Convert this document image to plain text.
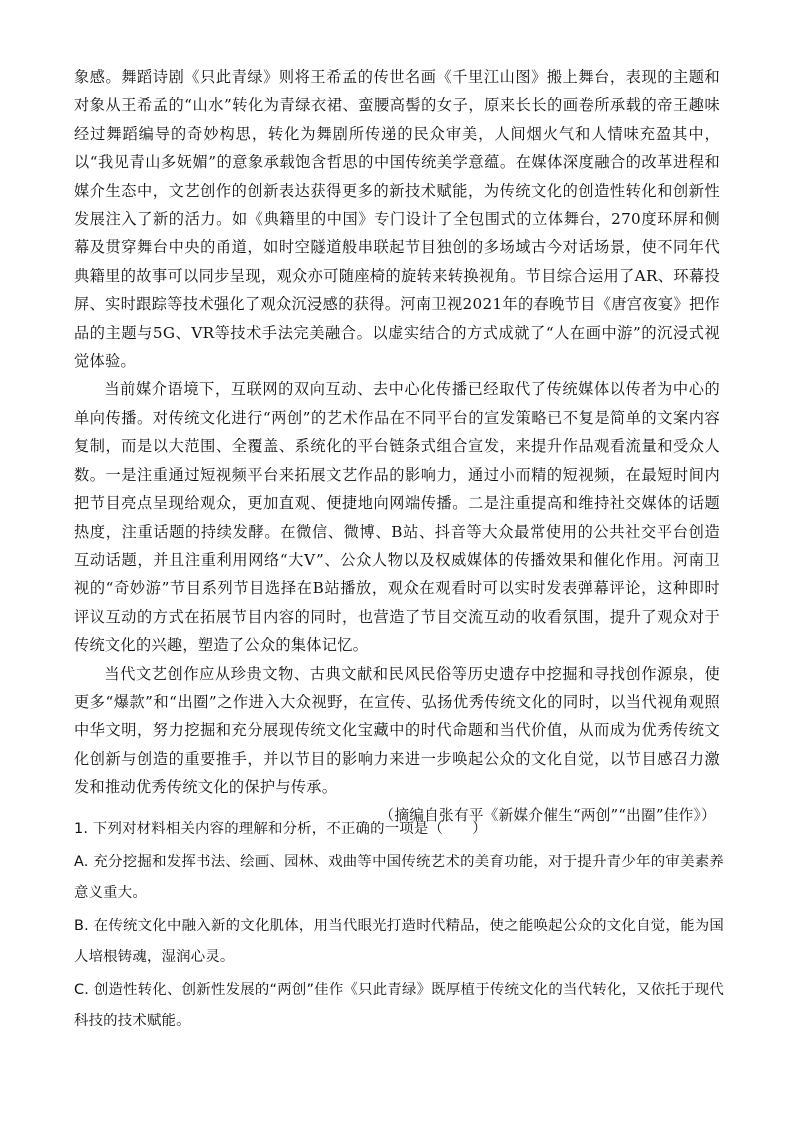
象感。舞蹈诗剧《只此青绿》则将王希孟的传世名画《千里江山图》搬上舞台，表现的主题和对象从王希孟的“山水”转化为青绿衣裙、蛮腰高髻的女子，原来长长的画卷所承载的帝王趣味经过舞蹈编导的奇妙构思，转化为舞剧所传递的民众审美，人间烟火气和人情味充盈其中，以“我见青山多妩媚”的意象承载饱含哲思的中国传统美学意蕴。在媒体深度融合的改革进程和媒介生态中，文艺创作的创新表达获得更多的新技术赋能，为传统文化的创造性转化和创新性发展注入了新的活力。如《典籍里的中国》专门设计了全包围式的立体舞台，270度环屏和侧幕及贯穿舞台中央的甬道，如时空隧道般串联起节目独创的多场域古今对话场景，使不同年代典籍里的故事可以同步呈现，观众亦可随座椅的旋转来转换视角。节目综合运用了AR、环幕投屏、实时跟踪等技术强化了观众沉浸感的获得。河南卫视2021年的春晚节目《唐宫夜宴》把作品的主题与5G、VR等技术手法完美融合。以虚实结合的方式成就了“人在画中游”的沉浸式视觉体验。

当前媒介语境下，互联网的双向互动、去中心化传播已经取代了传统媒体以传者为中心的单向传播。对传统文化进行“两创”的艺术作品在不同平台的宣发策略已不复是简单的文案内容复制，而是以大范围、全覆盖、系统化的平台链条式组合宣发，来提升作品观看流量和受众人数。一是注重通过短视频平台来拓展文艺作品的影响力，通过小而精的短视频，在最短时间内把节目亮点呈现给观众，更加直观、便捷地向网端传播。二是注重提高和维持社交媒体的话题热度，注重话题的持续发酵。在微信、微博、B站、抖音等大众最常使用的公共社交平台创造互动话题，并且注重利用网络“大V”、公众人物以及权威媒体的传播效果和催化作用。河南卫视的“奇妙游”节目系列节目选择在B站播放，观众在观看时可以实时发表弹幕评论，这种即时评议互动的方式在拓展节目内容的同时，也营造了节目交流互动的收看氛围，提升了观众对于传统文化的兴趣，塑造了公众的集体记忆。

当代文艺创作应从珍贵文物、古典文献和民风民俗等历史遗存中挖掘和寻找创作源泉，使更多“爆款”和“出圈”之作进入大众视野，在宣传、弘扬优秀传统文化的同时，以当代视角观照中华文明，努力挖掘和充分展现传统文化宝藏中的时代命题和当代价值，从而成为优秀传统文化创新与创造的重要推手，并以节目的影响力来进一步唤起公众的文化自觉，以节目感召力激发和推动优秀传统文化的保护与传承。

（摘编自张有平《新媒介催生“两创”“出圈”佳作》）

1. 下列对材料相关内容的理解和分析，不正确的一项是（　　）

A. 充分挖掘和发挥书法、绘画、园林、戏曲等中国传统艺术的美育功能，对于提升青少年的审美素养意义重大。

B. 在传统文化中融入新的文化肌体，用当代眼光打造时代精品，使之能唤起公众的文化自觉，能为国人培根铸魂，湿润心灵。

C. 创造性转化、创新性发展的“两创”佳作《只此青绿》既厚植于传统文化的当代转化，又依托于现代科技的技术赋能。
